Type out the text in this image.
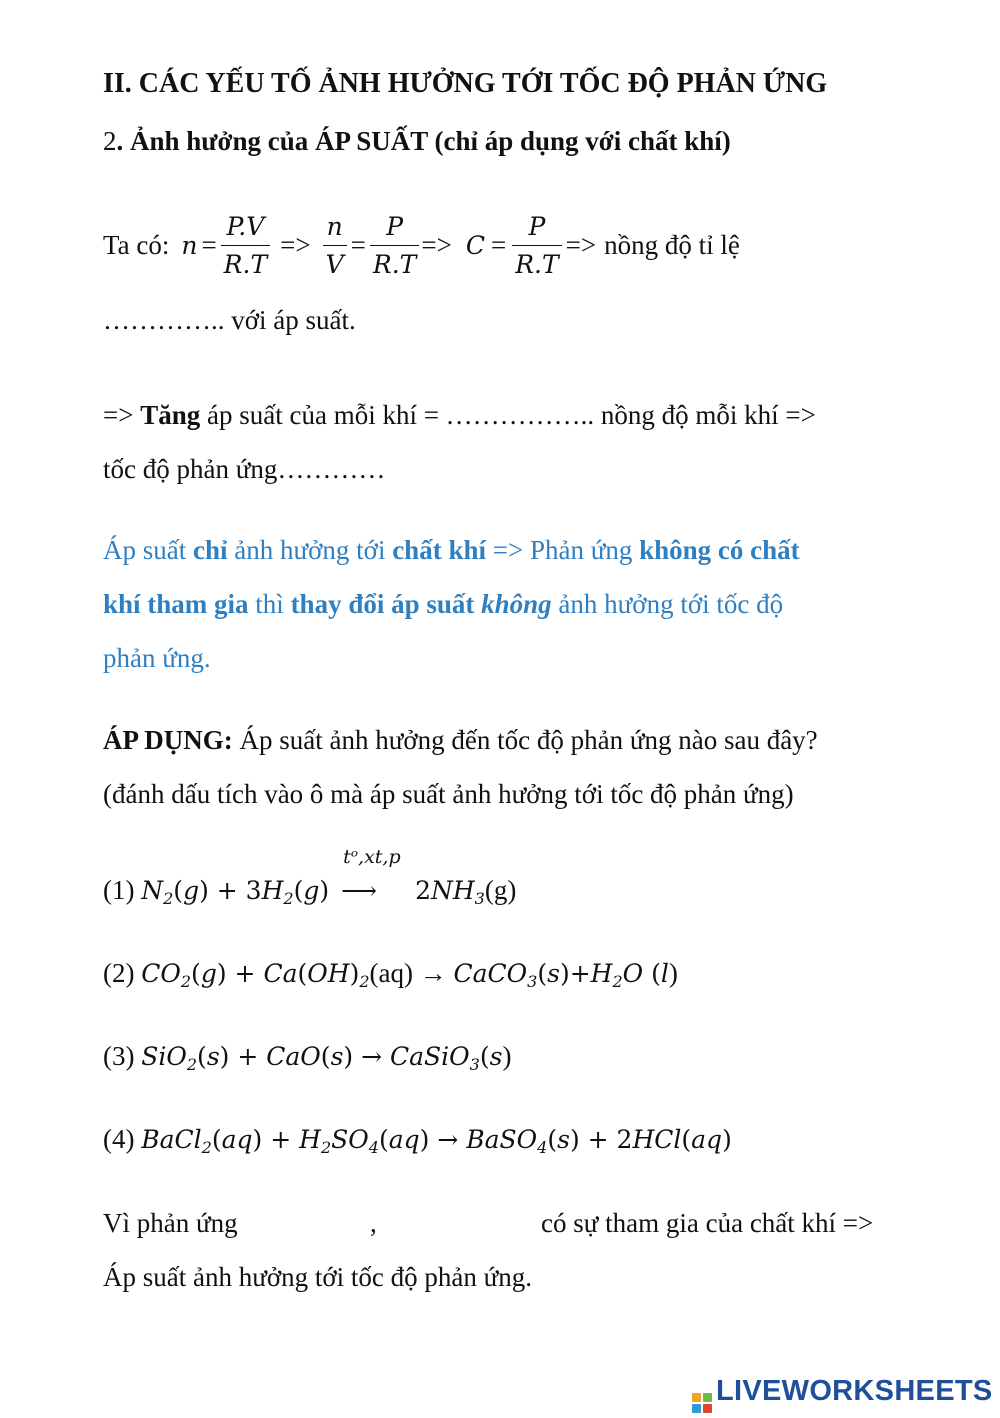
II. CÁC YẾU TỐ ẢNH HƯỞNG TỚI TỐC ĐỘ PHẢN ỨNG
2. Ảnh hưởng của ÁP SUẤT (chỉ áp dụng với chất khí)
Ta có: $n = \frac{P.V}{R.T} => \frac{n}{V} = \frac{P}{R.T} => C = \frac{P}{R.T}$ => nồng độ tỉ lệ
………….. với áp suất.
=> Tăng áp suất của mỗi khí = …………….. nồng độ mỗi khí =>
tốc độ phản ứng…………
Áp suất chỉ ảnh hưởng tới chất khí => Phản ứng không có chất
khí tham gia thì thay đổi áp suất không ảnh hưởng tới tốc độ
phản ứng.
ÁP DỤNG: Áp suất ảnh hưởng đến tốc độ phản ứng nào sau đây?
(đánh dấu tích vào ô mà áp suất ảnh hưởng tới tốc độ phản ứng)
(1) $N_2(g) + 3H_2(g)$
tᵒ,xt,p
⟶ $2NH_3(g)$
(2) $CO_2(g) + Ca(OH)_2(aq)$ → $CaCO_3(s)+H_2O$ (l)
(3) SiO$_2$(s) + CaO(s) → CaSiO$_3$(s)
(4) BaCl$_2$(aq) + $H_2SO_4(aq)$ → BaSO$_4$(s) + 2HCl(aq)
Vì phản ứng	,	có sự tham gia của chất khí =>
Áp suất ảnh hưởng tới tốc độ phản ứng.
LIVEWORKSHEETS
